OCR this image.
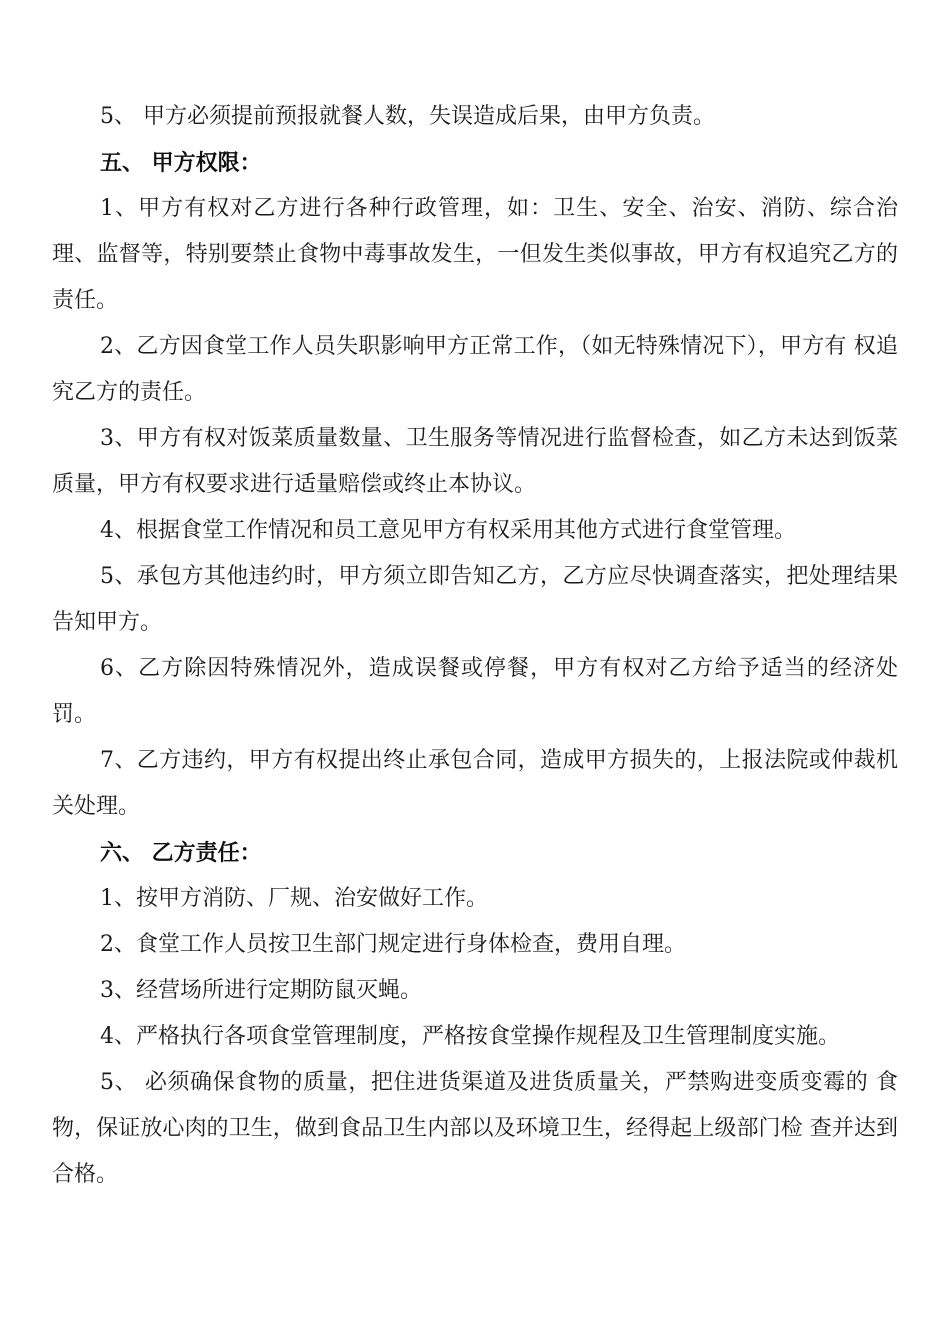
5、 甲方必须提前预报就餐人数，失误造成后果，由甲方负责。

五、 甲方权限：

1、甲方有权对乙方进行各种行政管理，如：卫生、安全、治安、消防、综合治理、监督等，特别要禁止食物中毒事故发生，一但发生类似事故，甲方有权追究乙方的责任。

2、乙方因食堂工作人员失职影响甲方正常工作，（如无特殊情况下），甲方有 权追究乙方的责任。

3、甲方有权对饭菜质量数量、卫生服务等情况进行监督检查，如乙方未达到饭菜质量，甲方有权要求进行适量赔偿或终止本协议。

4、根据食堂工作情况和员工意见甲方有权采用其他方式进行食堂管理。

5、承包方其他违约时，甲方须立即告知乙方，乙方应尽快调查落实，把处理结果告知甲方。

6、乙方除因特殊情况外，造成误餐或停餐，甲方有权对乙方给予适当的经济处罚。

7、乙方违约，甲方有权提出终止承包合同，造成甲方损失的，上报法院或仲裁机关处理。

六、 乙方责任：

1、按甲方消防、厂规、治安做好工作。

2、食堂工作人员按卫生部门规定进行身体检查，费用自理。

3、经营场所进行定期防鼠灭蝇。

4、严格执行各项食堂管理制度，严格按食堂操作规程及卫生管理制度实施。

5、 必须确保食物的质量，把住进货渠道及进货质量关，严禁购进变质变霉的 食物，保证放心肉的卫生，做到食品卫生内部以及环境卫生，经得起上级部门检 查并达到合格。
